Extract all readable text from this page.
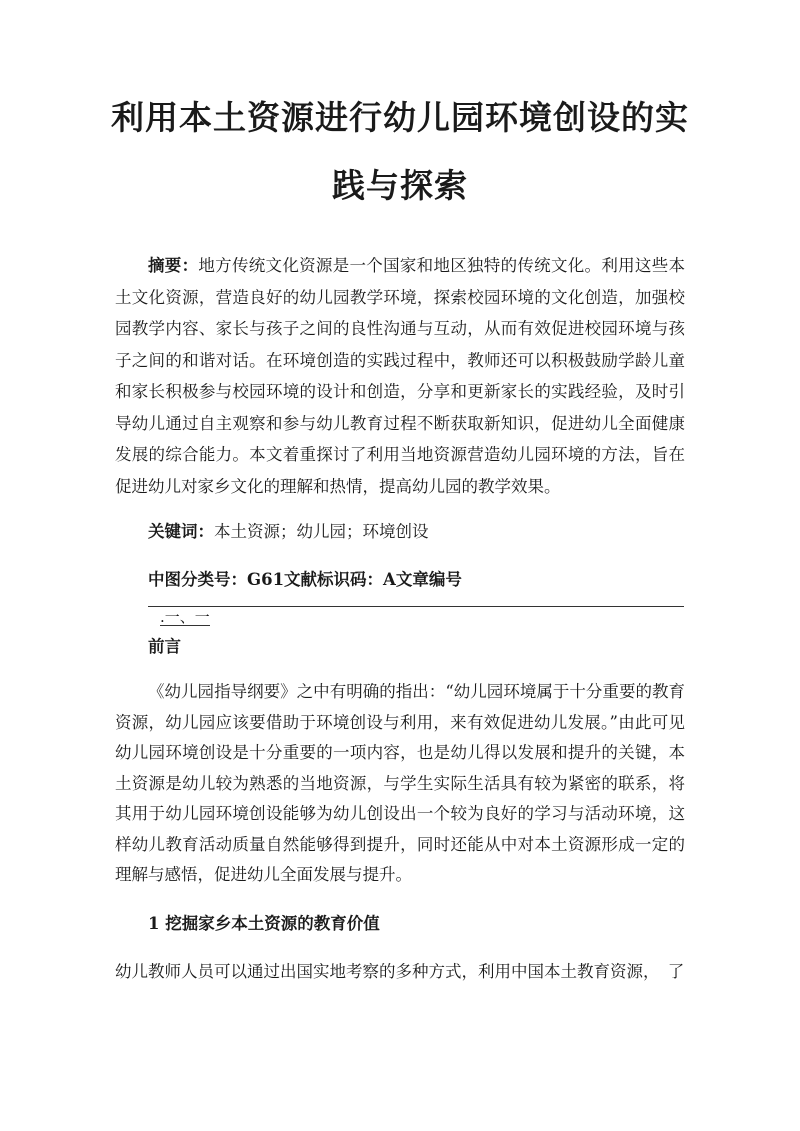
利用本土资源进行幼儿园环境创设的实
践与探索

摘要：地方传统文化资源是一个国家和地区独特的传统文化。利用这些本土文化资源，营造良好的幼儿园教学环境，探索校园环境的文化创造，加强校园教学内容、家长与孩子之间的良性沟通与互动，从而有效促进校园环境与孩子之间的和谐对话。在环境创造的实践过程中，教师还可以积极鼓励学龄儿童和家长积极参与校园环境的设计和创造，分享和更新家长的实践经验，及时引导幼儿通过自主观察和参与幼儿教育过程不断获取新知识，促进幼儿全面健康发展的综合能力。本文着重探讨了利用当地资源营造幼儿园环境的方法，旨在促进幼儿对家乡文化的理解和热情，提高幼儿园的教学效果。

关键词：本土资源；幼儿园；环境创设

中图分类号：G61文献标识码：A文章编号

.一、一

前言

《幼儿园指导纲要》之中有明确的指出：“幼儿园环境属于十分重要的教育资源，幼儿园应该要借助于环境创设与利用，来有效促进幼儿发展。”由此可见幼儿园环境创设是十分重要的一项内容，也是幼儿得以发展和提升的关键，本土资源是幼儿较为熟悉的当地资源，与学生实际生活具有较为紧密的联系，将其用于幼儿园环境创设能够为幼儿创设出一个较为良好的学习与活动环境，这样幼儿教育活动质量自然能够得到提升，同时还能从中对本土资源形成一定的理解与感悟，促进幼儿全面发展与提升。

1 挖掘家乡本土资源的教育价值

幼儿教师人员可以通过出国实地考察的多种方式，利用中国本土教育资源，　了
